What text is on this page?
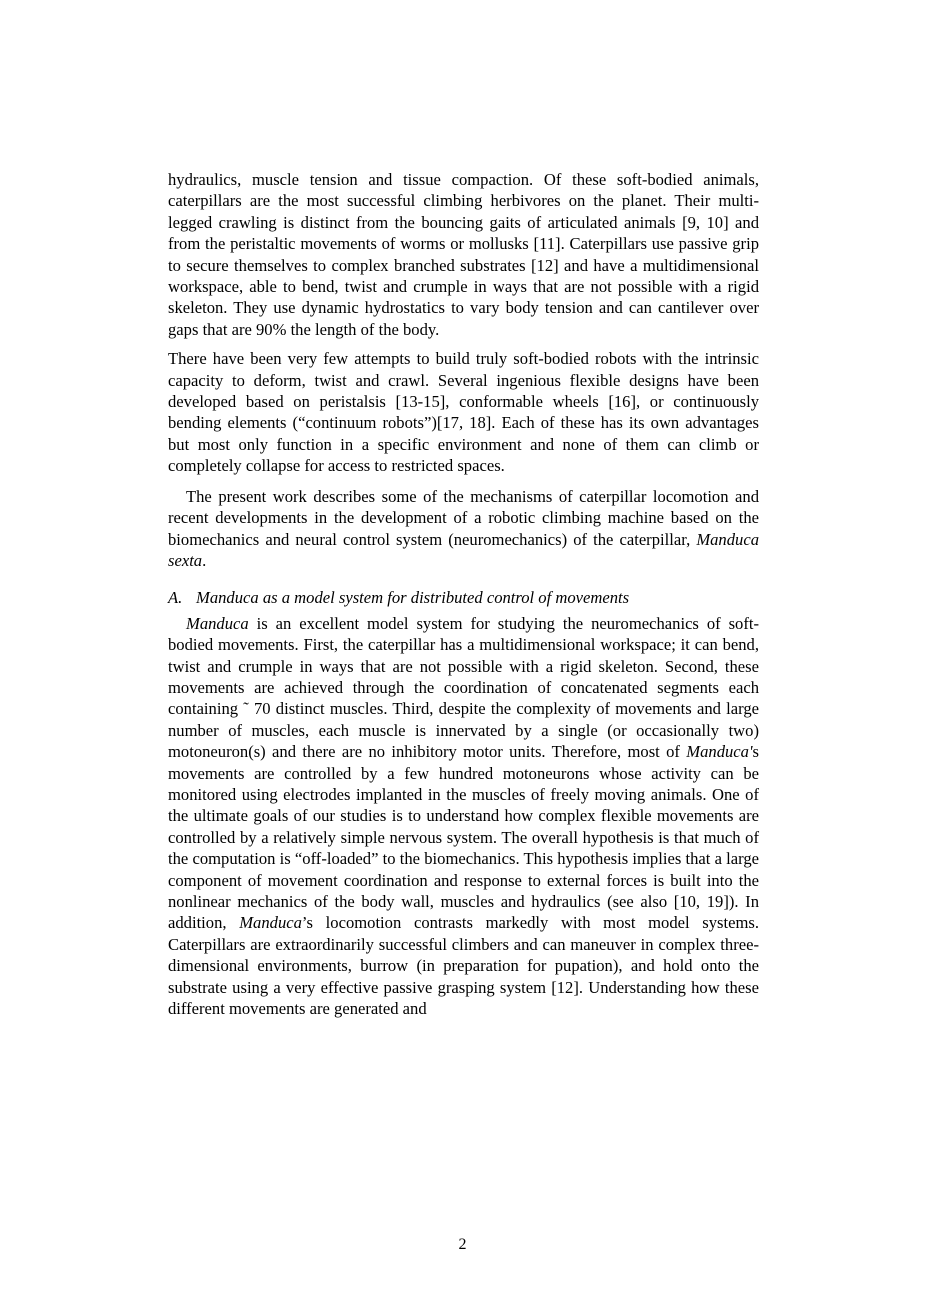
hydraulics, muscle tension and tissue compaction. Of these soft-bodied animals, caterpillars are the most successful climbing herbivores on the planet. Their multi-legged crawling is distinct from the bouncing gaits of articulated animals [9, 10] and from the peristaltic movements of worms or mollusks [11]. Caterpillars use passive grip to secure themselves to complex branched substrates [12] and have a multidimensional workspace, able to bend, twist and crumple in ways that are not possible with a rigid skeleton. They use dynamic hydrostatics to vary body tension and can cantilever over gaps that are 90% the length of the body.

There have been very few attempts to build truly soft-bodied robots with the intrinsic capacity to deform, twist and crawl. Several ingenious flexible designs have been developed based on peristalsis [13-15], conformable wheels [16], or continuously bending elements (“continuum robots”)[17, 18]. Each of these has its own advantages but most only function in a specific environment and none of them can climb or completely collapse for access to restricted spaces.

The present work describes some of the mechanisms of caterpillar locomotion and recent developments in the development of a robotic climbing machine based on the biomechanics and neural control system (neuromechanics) of the caterpillar, Manduca sexta.

A. Manduca as a model system for distributed control of movements

Manduca is an excellent model system for studying the neuromechanics of soft-bodied movements. First, the caterpillar has a multidimensional workspace; it can bend, twist and crumple in ways that are not possible with a rigid skeleton. Second, these movements are achieved through the coordination of concatenated segments each containing ˜ 70 distinct muscles. Third, despite the complexity of movements and large number of muscles, each muscle is innervated by a single (or occasionally two) motoneuron(s) and there are no inhibitory motor units. Therefore, most of Manduca's movements are controlled by a few hundred motoneurons whose activity can be monitored using electrodes implanted in the muscles of freely moving animals. One of the ultimate goals of our studies is to understand how complex flexible movements are controlled by a relatively simple nervous system. The overall hypothesis is that much of the computation is “off-loaded” to the biomechanics. This hypothesis implies that a large component of movement coordination and response to external forces is built into the nonlinear mechanics of the body wall, muscles and hydraulics (see also [10, 19]). In addition, Manduca’s locomotion contrasts markedly with most model systems. Caterpillars are extraordinarily successful climbers and can maneuver in complex three-dimensional environments, burrow (in preparation for pupation), and hold onto the substrate using a very effective passive grasping system [12]. Understanding how these different movements are generated and

2
